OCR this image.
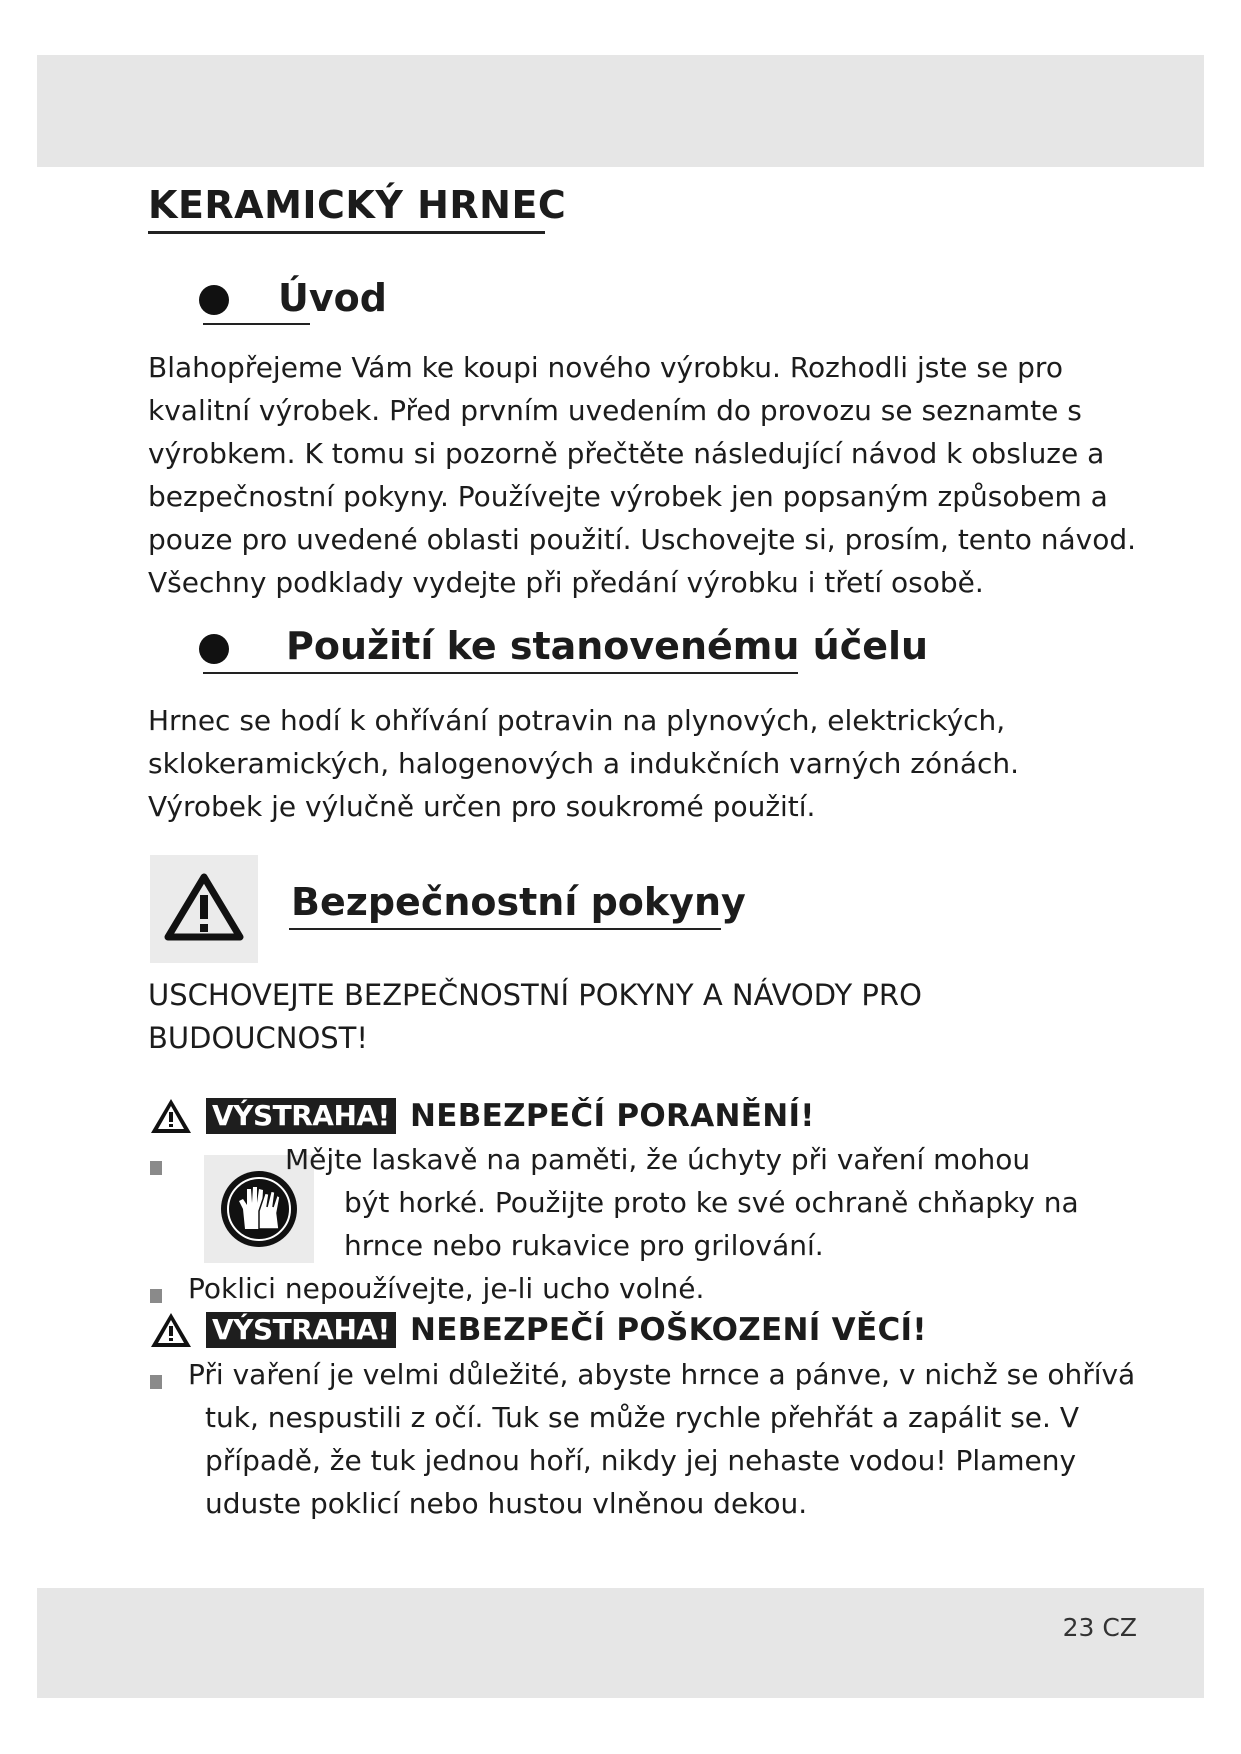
KERAMICKÝ HRNEC
Úvod

Blahopřejeme Vám ke koupi nového výrobku. Rozhodli jste se pro
kvalitní výrobek. Před prvním uvedením do provozu se seznamte s
výrobkem. K tomu si pozorně přečtěte následující návod k obsluze a
bezpečnostní pokyny. Používejte výrobek jen popsaným způsobem a
pouze pro uvedené oblasti použití. Uschovejte si, prosím, tento návod.
Všechny podklady vydejte při předání výrobku i třetí osobě.

Použití ke stanovenému účelu

Hrnec se hodí k ohřívání potravin na plynových, elektrických,
sklokeramických, halogenových a indukčních varných zónách.
Výrobek je výlučně určen pro soukromé použití.

Bezpečnostní pokyny

USCHOVEJTE BEZPEČNOSTNÍ POKYNY A NÁVODY PRO
BUDOUCNOST!

VÝSTRAHA! NEBEZPEČÍ PORANĚNÍ!

Mějte laskavě na paměti, že úchyty při vaření mohou

být horké. Použijte proto ke své ochraně chňapky na

hrnce nebo rukavice pro grilování.

Poklici nepoužívejte, je-li ucho volné.

VÝSTRAHA! NEBEZPEČÍ POŠKOZENÍ VĚCÍ!

Při vaření je velmi důležité, abyste hrnce a pánve, v nichž se ohřívá

tuk, nespustili z očí. Tuk se může rychle přehřát a zapálit se. V

případě, že tuk jednou hoří, nikdy jej nehaste vodou! Plameny

uduste poklicí nebo hustou vlněnou dekou.

23 CZ
